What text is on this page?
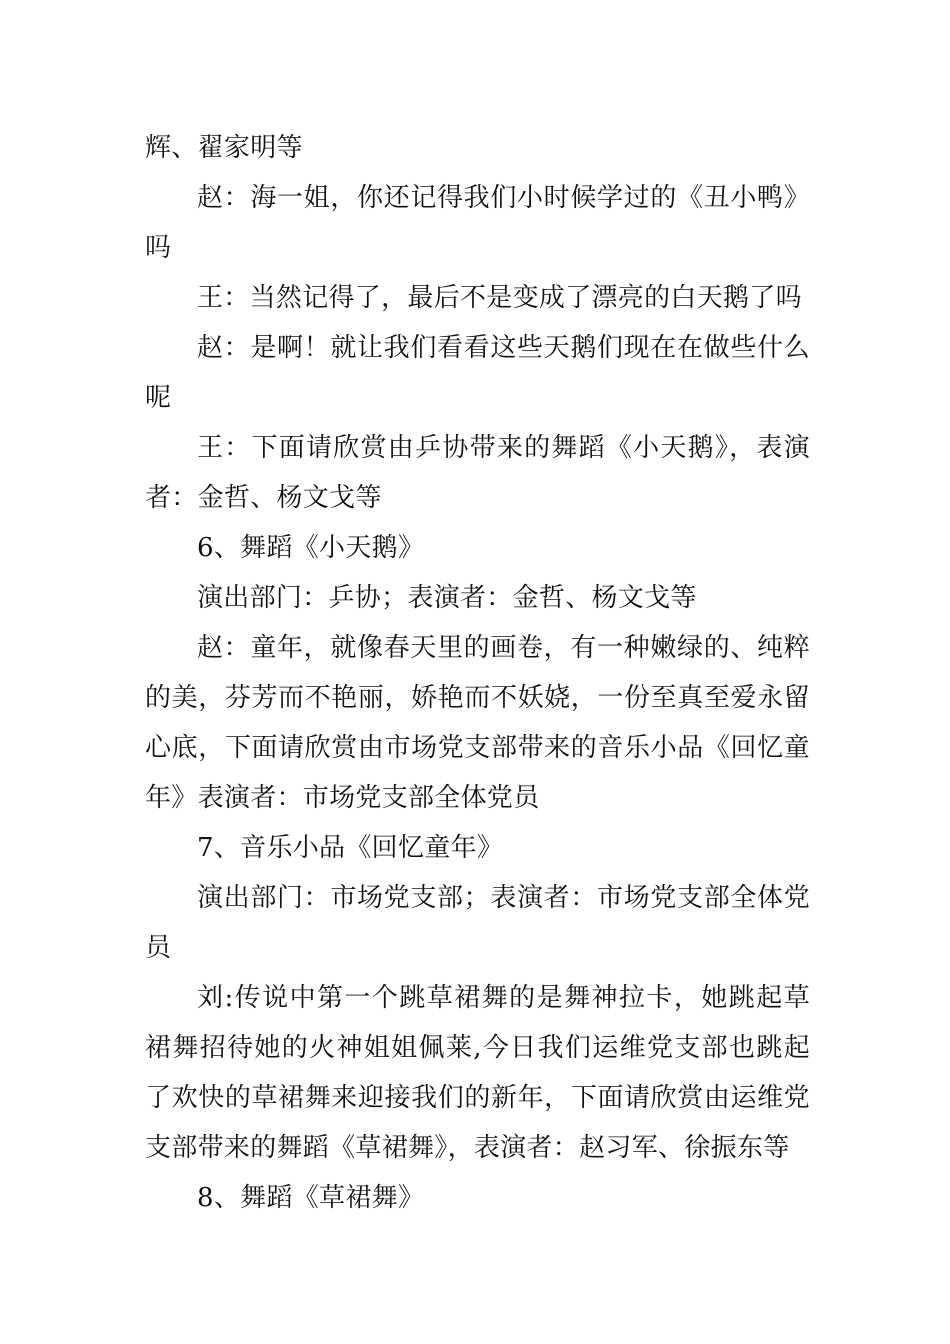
辉、翟家明等

赵：海一姐，你还记得我们小时候学过的《丑小鸭》吗

王：当然记得了，最后不是变成了漂亮的白天鹅了吗

赵：是啊！就让我们看看这些天鹅们现在在做些什么呢

王：下面请欣赏由乒协带来的舞蹈《小天鹅》，表演者：金哲、杨文戈等

6、舞蹈《小天鹅》

演出部门：乒协；表演者：金哲、杨文戈等

赵：童年，就像春天里的画卷，有一种嫩绿的、纯粹的美，芬芳而不艳丽，娇艳而不妖娆，一份至真至爱永留心底，下面请欣赏由市场党支部带来的音乐小品《回忆童年》表演者：市场党支部全体党员

7、音乐小品《回忆童年》

演出部门：市场党支部；表演者：市场党支部全体党员

刘:传说中第一个跳草裙舞的是舞神拉卡，她跳起草裙舞招待她的火神姐姐佩莱,今日我们运维党支部也跳起了欢快的草裙舞来迎接我们的新年，下面请欣赏由运维党支部带来的舞蹈《草裙舞》，表演者：赵习军、徐振东等

8、舞蹈《草裙舞》
